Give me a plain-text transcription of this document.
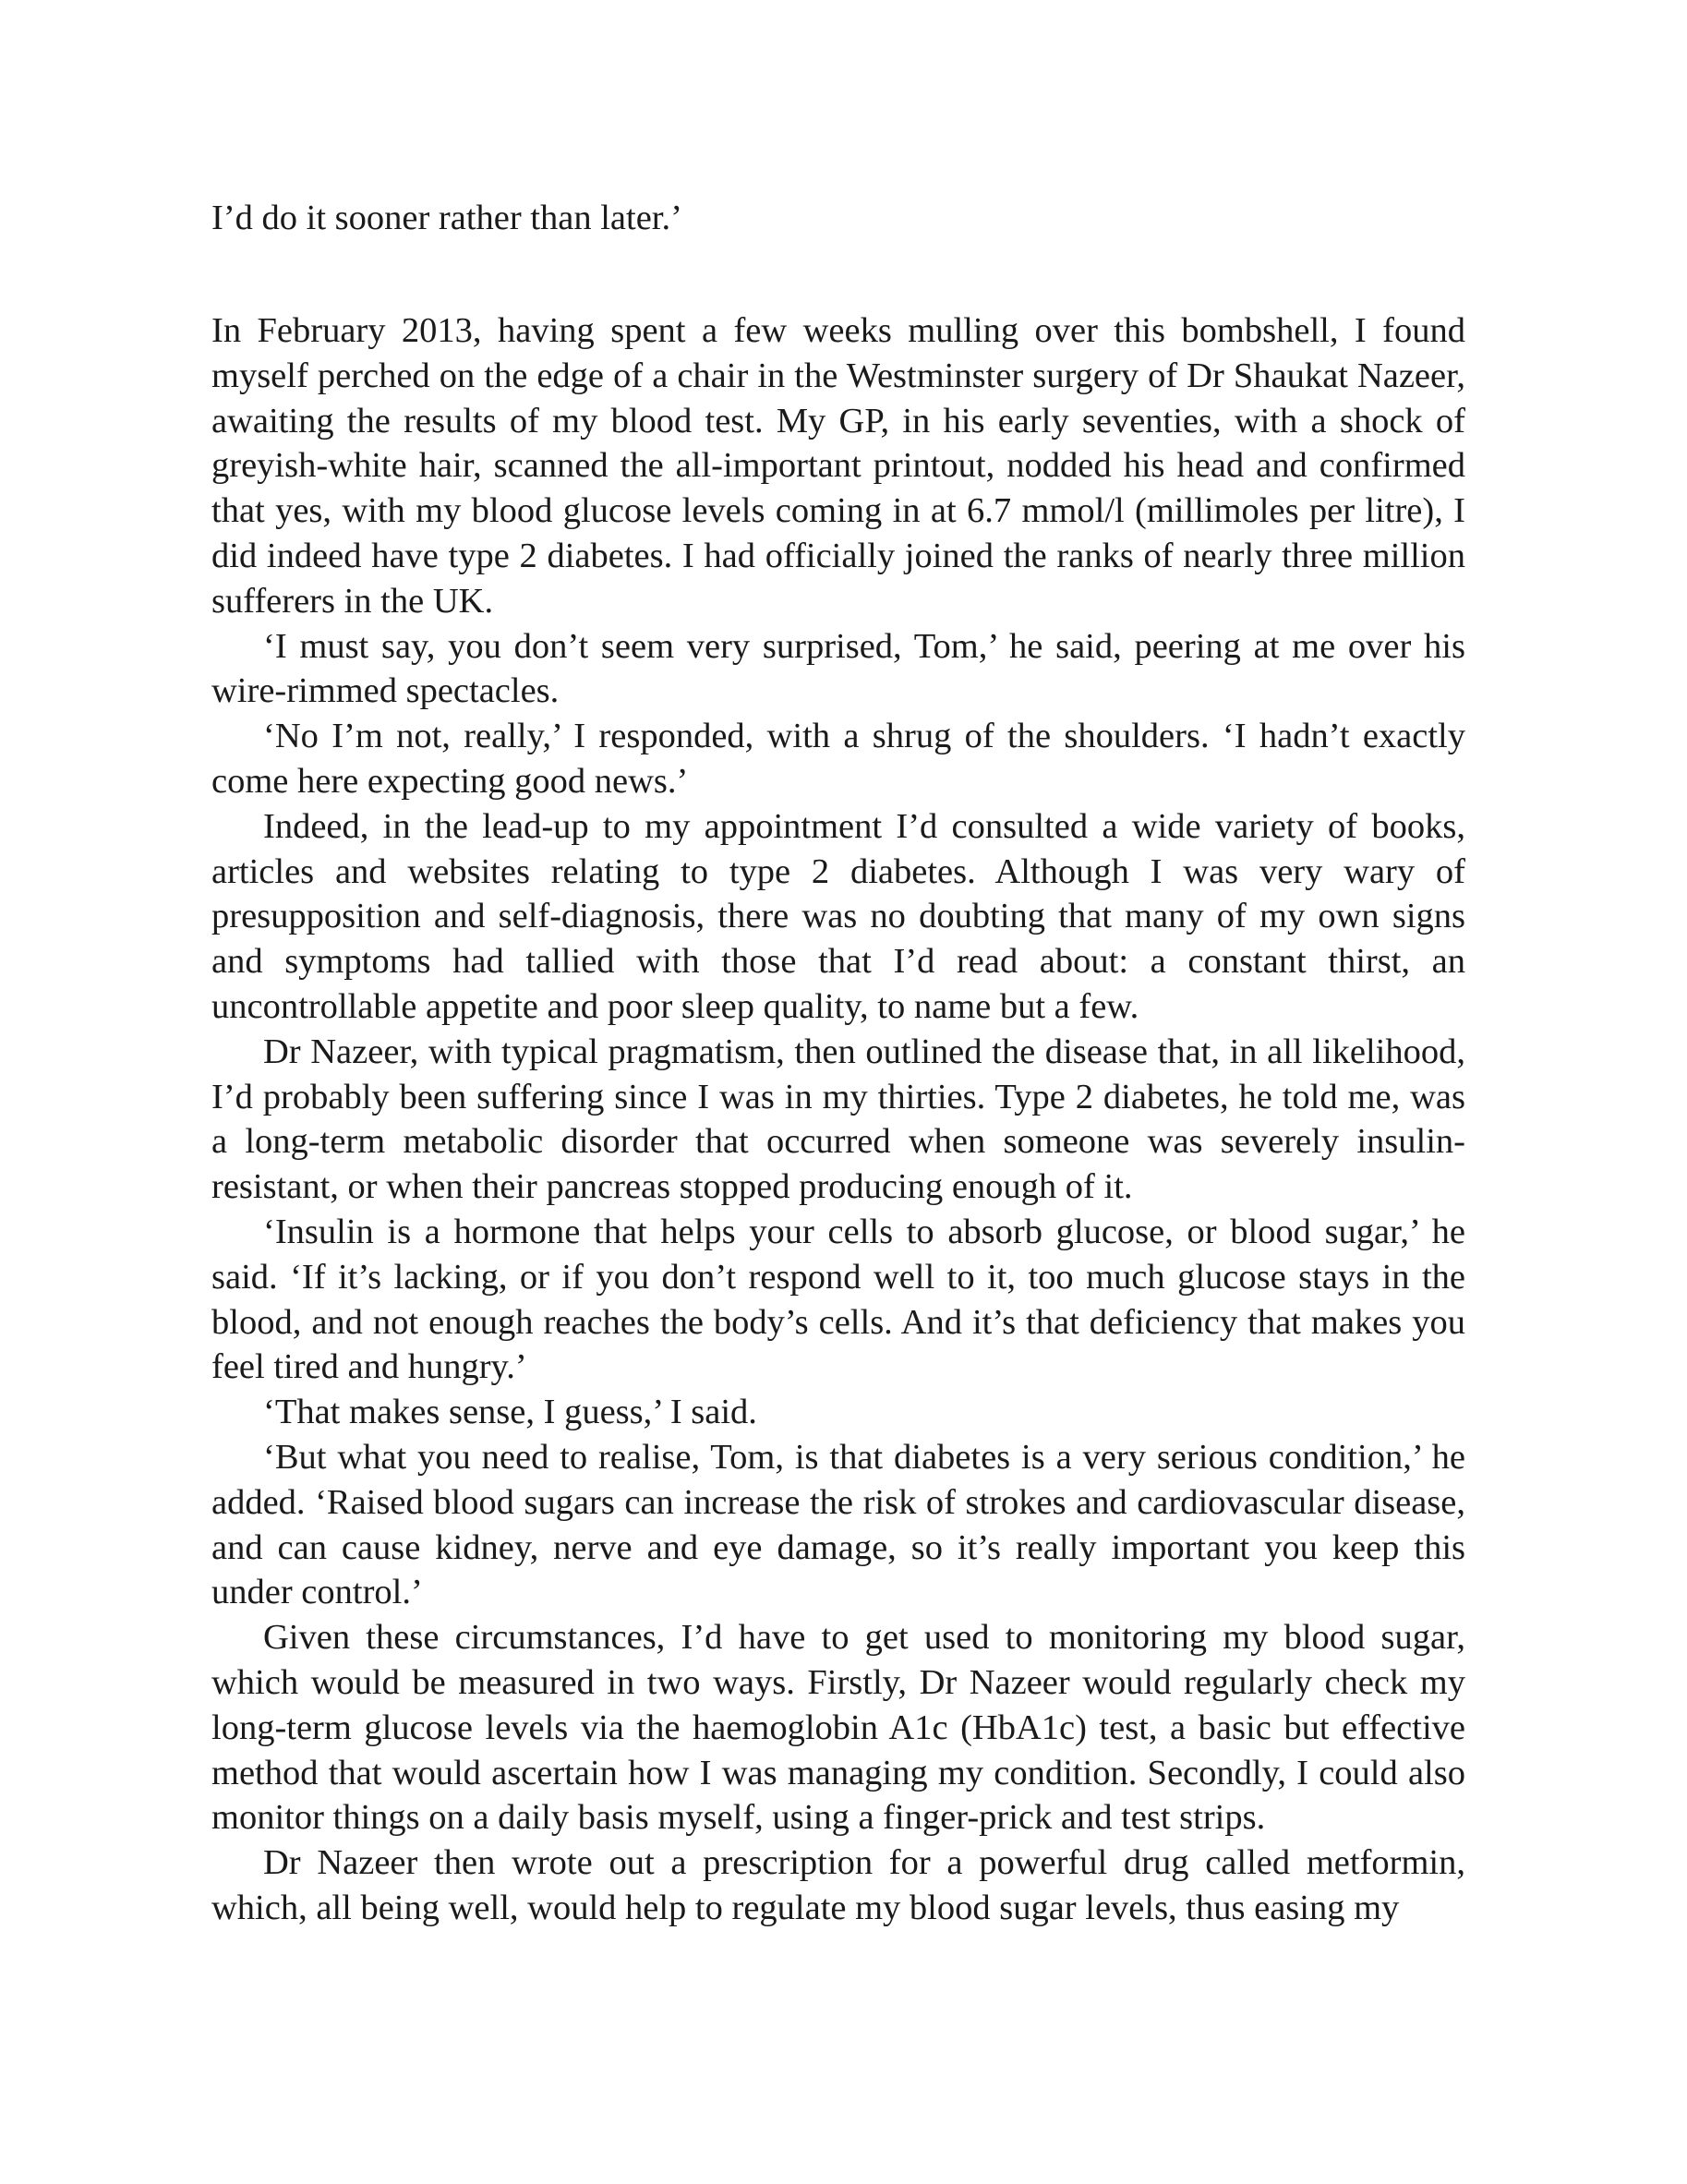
I’d do it sooner rather than later.’

In February 2013, having spent a few weeks mulling over this bombshell, I found myself perched on the edge of a chair in the Westminster surgery of Dr Shaukat Nazeer, awaiting the results of my blood test. My GP, in his early seventies, with a shock of greyish-white hair, scanned the all-important printout, nodded his head and confirmed that yes, with my blood glucose levels coming in at 6.7 mmol/l (millimoles per litre), I did indeed have type 2 diabetes. I had officially joined the ranks of nearly three million sufferers in the UK.

‘I must say, you don’t seem very surprised, Tom,’ he said, peering at me over his wire-rimmed spectacles.

‘No I’m not, really,’ I responded, with a shrug of the shoulders. ‘I hadn’t exactly come here expecting good news.’

Indeed, in the lead-up to my appointment I’d consulted a wide variety of books, articles and websites relating to type 2 diabetes. Although I was very wary of presupposition and self-diagnosis, there was no doubting that many of my own signs and symptoms had tallied with those that I’d read about: a constant thirst, an uncontrollable appetite and poor sleep quality, to name but a few.

Dr Nazeer, with typical pragmatism, then outlined the disease that, in all likelihood, I’d probably been suffering since I was in my thirties. Type 2 diabetes, he told me, was a long-term metabolic disorder that occurred when someone was severely insulin-resistant, or when their pancreas stopped producing enough of it.

‘Insulin is a hormone that helps your cells to absorb glucose, or blood sugar,’ he said. ‘If it’s lacking, or if you don’t respond well to it, too much glucose stays in the blood, and not enough reaches the body’s cells. And it’s that deficiency that makes you feel tired and hungry.’

‘That makes sense, I guess,’ I said.

‘But what you need to realise, Tom, is that diabetes is a very serious condition,’ he added. ‘Raised blood sugars can increase the risk of strokes and cardiovascular disease, and can cause kidney, nerve and eye damage, so it’s really important you keep this under control.’

Given these circumstances, I’d have to get used to monitoring my blood sugar, which would be measured in two ways. Firstly, Dr Nazeer would regularly check my long-term glucose levels via the haemoglobin A1c (HbA1c) test, a basic but effective method that would ascertain how I was managing my condition. Secondly, I could also monitor things on a daily basis myself, using a finger-prick and test strips.

Dr Nazeer then wrote out a prescription for a powerful drug called metformin, which, all being well, would help to regulate my blood sugar levels, thus easing my
